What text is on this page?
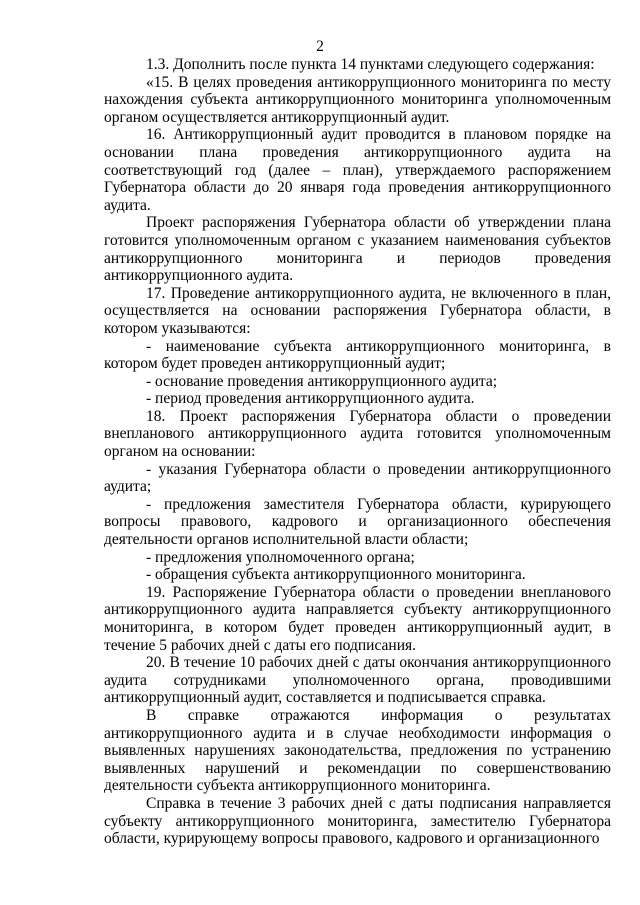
2

1.3. Дополнить после пункта 14 пунктами следующего содержания:

«15. В целях проведения антикоррупционного мониторинга по месту нахождения субъекта антикоррупционного мониторинга уполномоченным органом осуществляется антикоррупционный аудит.

16. Антикоррупционный аудит проводится в плановом порядке на основании плана проведения антикоррупционного аудита на соответствующий год (далее – план), утверждаемого распоряжением Губернатора области до 20 января года проведения антикоррупционного аудита.

Проект распоряжения Губернатора области об утверждении плана готовится уполномоченным органом с указанием наименования субъектов антикоррупционного мониторинга и периодов проведения антикоррупционного аудита.

17. Проведение антикоррупционного аудита, не включенного в план, осуществляется на основании распоряжения Губернатора области, в котором указываются:

- наименование субъекта антикоррупционного мониторинга, в котором будет проведен антикоррупционный аудит;

- основание проведения антикоррупционного аудита;

- период проведения антикоррупционного аудита.

18. Проект распоряжения Губернатора области о проведении внепланового антикоррупционного аудита готовится уполномоченным органом на основании:

- указания Губернатора области о проведении антикоррупционного аудита;

- предложения заместителя Губернатора области, курирующего вопросы правового, кадрового и организационного обеспечения деятельности органов исполнительной власти области;

- предложения уполномоченного органа;

- обращения субъекта антикоррупционного мониторинга.

19. Распоряжение Губернатора области о проведении внепланового антикоррупционного аудита направляется субъекту антикоррупционного мониторинга, в котором будет проведен антикоррупционный аудит, в течение 5 рабочих дней с даты его подписания.

20. В течение 10 рабочих дней с даты окончания антикоррупционного аудита сотрудниками уполномоченного органа, проводившими антикоррупционный аудит, составляется и подписывается справка.

В справке отражаются информация о результатах антикоррупционного аудита и в случае необходимости информация о выявленных нарушениях законодательства, предложения по устранению выявленных нарушений и рекомендации по совершенствованию деятельности субъекта антикоррупционного мониторинга.

Справка в течение 3 рабочих дней с даты подписания направляется субъекту антикоррупционного мониторинга, заместителю Губернатора области, курирующему вопросы правового, кадрового и организационного
